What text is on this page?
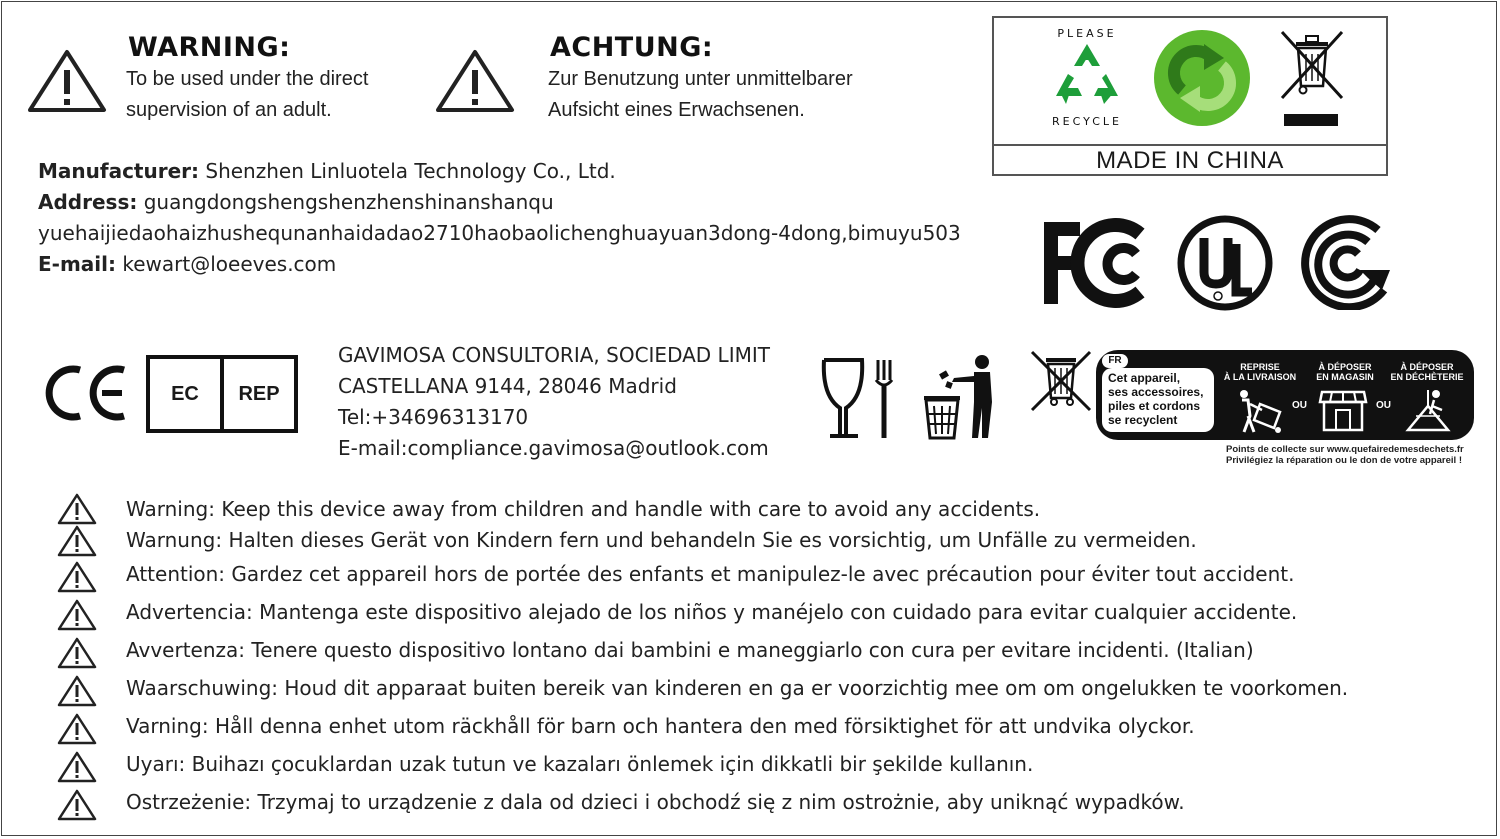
WARNING:
To be used under the direct
supervision of an adult.
ACHTUNG:
Zur Benutzung unter unmittelbarer
Aufsicht eines Erwachsenen.
MADE IN CHINA
PLEASE
RECYCLE
Manufacturer: Shenzhen Linluotela Technology Co., Ltd.
Address: guangdongshengshenzhenshinanshanqu
yuehaijiedaohaizhushequnanhaidadao2710haobaolichenghuayuan3dong-4dong,bimuyu503
E-mail: kewart@loeeves.com
EC REP
GAVIMOSA CONSULTORIA, SOCIEDAD LIMIT
CASTELLANA 9144, 28046 Madrid
Tel:+34696313170
E-mail:compliance.gavimosa@outlook.com
FR
Cet appareil,
ses accessoires,
piles et cordons
se recyclent
REPRISE
À LA LIVRAISON
À DÉPOSER
EN MAGASIN
À DÉPOSER
EN DÉCHÈTERIE
OU	OU
Points de collecte sur www.quefairedemesdechets.fr
Privilégiez la réparation ou le don de votre appareil !
Warning: Keep this device away from children and handle with care to avoid any accidents.
Warnung: Halten dieses Gerät von Kindern fern und behandeln Sie es vorsichtig, um Unfälle zu vermeiden.
Attention: Gardez cet appareil hors de portée des enfants et manipulez-le avec précaution pour éviter tout accident.
Advertencia: Mantenga este dispositivo alejado de los niños y manéjelo con cuidado para evitar cualquier accidente.
Avvertenza: Tenere questo dispositivo lontano dai bambini e maneggiarlo con cura per evitare incidenti. (Italian)
Waarschuwing: Houd dit apparaat buiten bereik van kinderen en ga er voorzichtig mee om om ongelukken te voorkomen.
Varning: Håll denna enhet utom räckhåll för barn och hantera den med försiktighet för att undvika olyckor.
Uyarı: Buihazı çocuklardan uzak tutun ve kazaları önlemek için dikkatli bir şekilde kullanın.
Ostrzeżenie: Trzymaj to urządzenie z dala od dzieci i obchodź się z nim ostrożnie, aby uniknąć wypadków.
